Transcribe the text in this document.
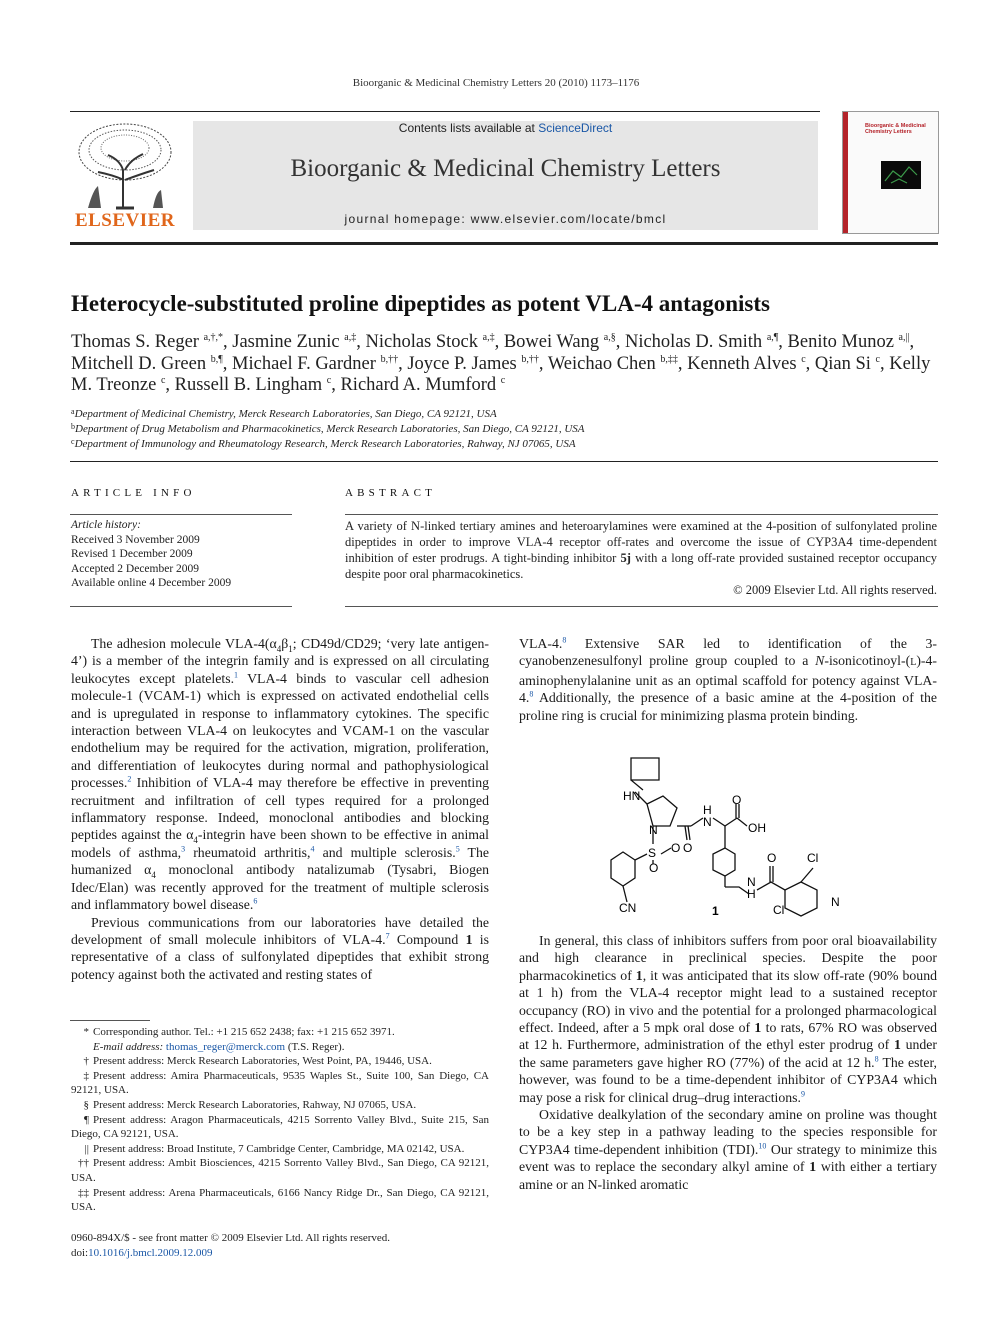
Bioorganic & Medicinal Chemistry Letters 20 (2010) 1173–1176
ELSEVIER
Contents lists available at ScienceDirect
Bioorganic & Medicinal Chemistry Letters
journal homepage: www.elsevier.com/locate/bmcl
Bioorganic & Medicinal
Chemistry Letters
Heterocycle-substituted proline dipeptides as potent VLA-4 antagonists
Thomas S. Reger $^{a,\dagger,*}$, Jasmine Zunic $^{a,\ddagger}$, Nicholas Stock $^{a,\ddagger}$, Bowei Wang $^{a,\S}$, Nicholas D. Smith $^{a,\P}$, Benito Munoz $^{a,||}$, Mitchell D. Green $^{b,\P}$, Michael F. Gardner $^{b,\dagger\dagger}$, Joyce P. James $^{b,\dagger\dagger}$, Weichao Chen $^{b,\ddagger\ddagger}$, Kenneth Alves $^c$, Qian Si $^c$, Kelly M. Treonze $^c$, Russell B. Lingham $^c$, Richard A. Mumford $^c$
$^a$Department of Medicinal Chemistry, Merck Research Laboratories, San Diego, CA 92121, USA
$^b$Department of Drug Metabolism and Pharmacokinetics, Merck Research Laboratories, San Diego, CA 92121, USA
$^c$Department of Immunology and Rheumatology Research, Merck Research Laboratories, Rahway, NJ 07065, USA
ARTICLE INFO
Article history:
Received 3 November 2009
Revised 1 December 2009
Accepted 2 December 2009
Available online 4 December 2009
ABSTRACT
A variety of N-linked tertiary amines and heteroarylamines were examined at the 4-position of sulfonylated proline dipeptides in order to improve VLA-4 receptor off-rates and overcome the issue of CYP3A4 time-dependent inhibition of ester prodrugs. A tight-binding inhibitor 5j with a long off-rate provided sustained receptor occupancy despite poor oral pharmacokinetics.
© 2009 Elsevier Ltd. All rights reserved.

The adhesion molecule VLA-$4(\alpha_4\beta_1$; CD49d/CD29; ‘very late antigen-4’) is a member of the integrin family and is expressed on all circulating leukocytes except platelets.$^1$ VLA-4 binds to vascular cell adhesion molecule-1 (VCAM-1) which is expressed on activated endothelial cells and is upregulated in response to inflammatory cytokines. The specific interaction between VLA-4 on leukocytes and VCAM-1 on the vascular endothelium may be required for the activation, migration, proliferation, and differentiation of leukocytes during normal and pathophysiological processes.$^2$ Inhibition of VLA-4 may therefore be effective in preventing recruitment and infiltration of cell types required for a prolonged inflammatory response. Indeed, monoclonal antibodies and blocking peptides against the $\alpha_4$-integrin have been shown to be effective in animal models of asthma,$^3$ rheumatoid arthritis,$^4$ and multiple sclerosis.$^5$ The humanized $\alpha_4$ monoclonal antibody natalizumab (Tysabri, Biogen Idec/Elan) was recently approved for the treatment of multiple sclerosis and inflammatory bowel disease.$^6$

Previous communications from our laboratories have detailed the development of small molecule inhibitors of VLA-4.$^7$ Compound 1 is representative of a class of sulfonylated dipeptides that exhibit strong potency against both the activated and resting states of

VLA-4.$^8$ Extensive SAR led to identification of the 3-cyanobenzenesulfonyl proline group coupled to a N-isonicotinoyl-(L)-4-aminophenylalanine unit as an optimal scaffold for potency against VLA-4.$^8$ Additionally, the presence of a basic amine at the 4-position of the proline ring is crucial for minimizing plasma protein binding.

HN
N
O
H
N
O
OH
S O
O
CN
N
H
O	Cl
Cl
N
1

In general, this class of inhibitors suffers from poor oral bioavailability and high clearance in preclinical species. Despite the poor pharmacokinetics of 1, it was anticipated that its slow off-rate (90% bound at 1 h) from the VLA-4 receptor might lead to a sustained receptor occupancy (RO) in vivo and the potential for a prolonged pharmacological effect. Indeed, after a 5 mpk oral dose of 1 to rats, 67% RO was observed at 12 h. Furthermore, administration of the ethyl ester prodrug of 1 under the same parameters gave higher RO (77%) of the acid at 12 h.$^8$ The ester, however, was found to be a time-dependent inhibitor of CYP3A4 which may pose a risk for clinical drug–drug interactions.$^9$

Oxidative dealkylation of the secondary amine on proline was thought to be a key step in a pathway leading to the species responsible for CYP3A4 time-dependent inhibition (TDI).$^{10}$ Our strategy to minimize this event was to replace the secondary alkyl amine of 1 with either a tertiary amine or an N-linked aromatic

* Corresponding author. Tel.: +1 215 652 2438; fax: +1 215 652 3971.
E-mail address: thomas_reger@merck.com (T.S. Reger).
† Present address: Merck Research Laboratories, West Point, PA, 19446, USA.
‡ Present address: Amira Pharmaceuticals, 9535 Waples St., Suite 100, San Diego, CA 92121, USA.
§ Present address: Merck Research Laboratories, Rahway, NJ 07065, USA.
¶ Present address: Aragon Pharmaceuticals, 4215 Sorrento Valley Blvd., Suite 215, San Diego, CA 92121, USA.
|| Present address: Broad Institute, 7 Cambridge Center, Cambridge, MA 02142, USA.
†† Present address: Ambit Biosciences, 4215 Sorrento Valley Blvd., San Diego, CA 92121, USA.
‡‡ Present address: Arena Pharmaceuticals, 6166 Nancy Ridge Dr., San Diego, CA 92121, USA.
0960-894X/$ - see front matter © 2009 Elsevier Ltd. All rights reserved.
doi:10.1016/j.bmcl.2009.12.009
